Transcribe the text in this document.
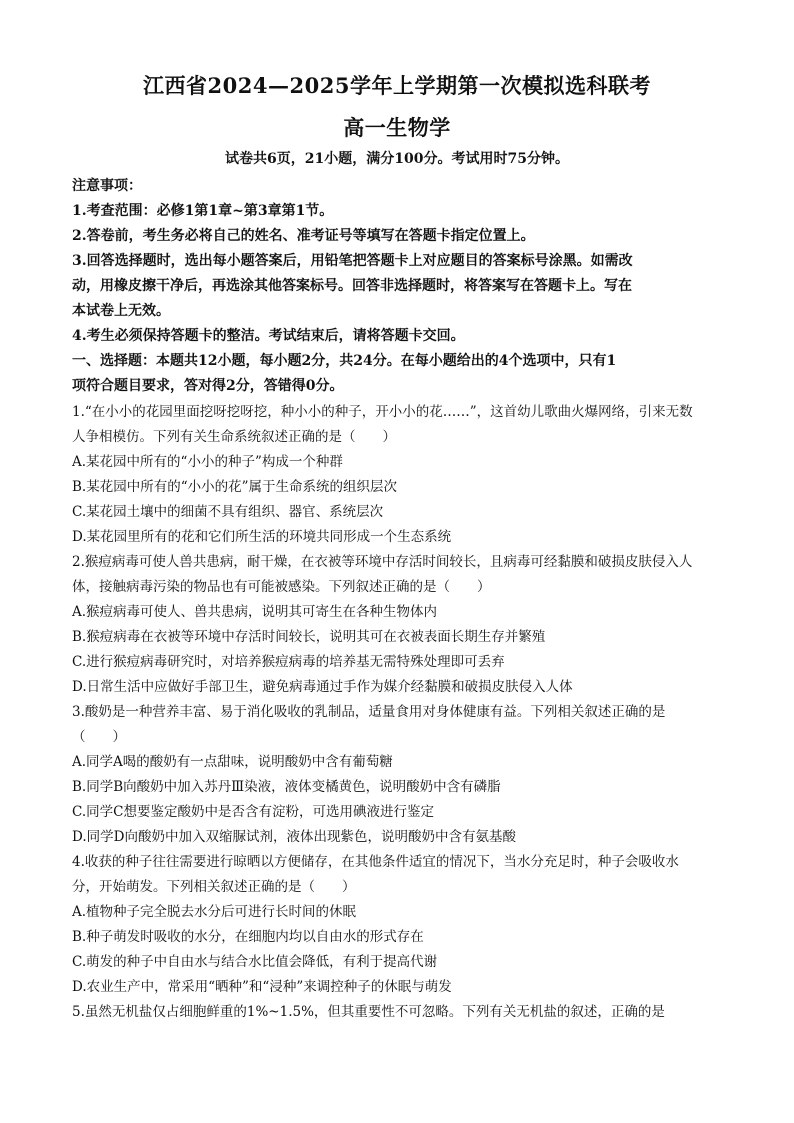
江西省2024—2025学年上学期第一次模拟选科联考
高一生物学
试卷共6页，21小题，满分100分。考试用时75分钟。
注意事项：
1.考查范围：必修1第1章~第3章第1节。
2.答卷前，考生务必将自己的姓名、准考证号等填写在答题卡指定位置上。
3.回答选择题时，选出每小题答案后，用铅笔把答题卡上对应题目的答案标号涂黑。如需改
动，用橡皮擦干净后，再选涂其他答案标号。回答非选择题时，将答案写在答题卡上。写在
本试卷上无效。
4.考生必须保持答题卡的整洁。考试结束后，请将答题卡交回。
一、选择题：本题共12小题，每小题2分，共24分。在每小题给出的4个选项中，只有1
项符合题目要求，答对得2分，答错得0分。
1.“在小小的花园里面挖呀挖呀挖，种小小的种子，开小小的花……”，这首幼儿歌曲火爆网络，引来无数
人争相模仿。下列有关生命系统叙述正确的是（　　）
A.某花园中所有的“小小的种子”构成一个种群
B.某花园中所有的“小小的花”属于生命系统的组织层次
C.某花园土壤中的细菌不具有组织、器官、系统层次
D.某花园里所有的花和它们所生活的环境共同形成一个生态系统
2.猴痘病毒可使人兽共患病，耐干燥，在衣被等环境中存活时间较长，且病毒可经黏膜和破损皮肤侵入人
体，接触病毒污染的物品也有可能被感染。下列叙述正确的是（　　）
A.猴痘病毒可使人、兽共患病，说明其可寄生在各种生物体内
B.猴痘病毒在衣被等环境中存活时间较长，说明其可在衣被表面长期生存并繁殖
C.进行猴痘病毒研究时，对培养猴痘病毒的培养基无需特殊处理即可丢弃
D.日常生活中应做好手部卫生，避免病毒通过手作为媒介经黏膜和破损皮肤侵入人体
3.酸奶是一种营养丰富、易于消化吸收的乳制品，适量食用对身体健康有益。下列相关叙述正确的是
（　　）
A.同学A喝的酸奶有一点甜味，说明酸奶中含有葡萄糖
B.同学B向酸奶中加入苏丹Ⅲ染液，液体变橘黄色，说明酸奶中含有磷脂
C.同学C想要鉴定酸奶中是否含有淀粉，可选用碘液进行鉴定
D.同学D向酸奶中加入双缩脲试剂，液体出现紫色，说明酸奶中含有氨基酸
4.收获的种子往往需要进行晾晒以方便储存，在其他条件适宜的情况下，当水分充足时，种子会吸收水
分，开始萌发。下列相关叙述正确的是（　　）
A.植物种子完全脱去水分后可进行长时间的休眠
B.种子萌发时吸收的水分，在细胞内均以自由水的形式存在
C.萌发的种子中自由水与结合水比值会降低，有利于提高代谢
D.农业生产中，常采用“晒种”和“浸种”来调控种子的休眠与萌发
5.虽然无机盐仅占细胞鲜重的1%~1.5%，但其重要性不可忽略。下列有关无机盐的叙述，正确的是
